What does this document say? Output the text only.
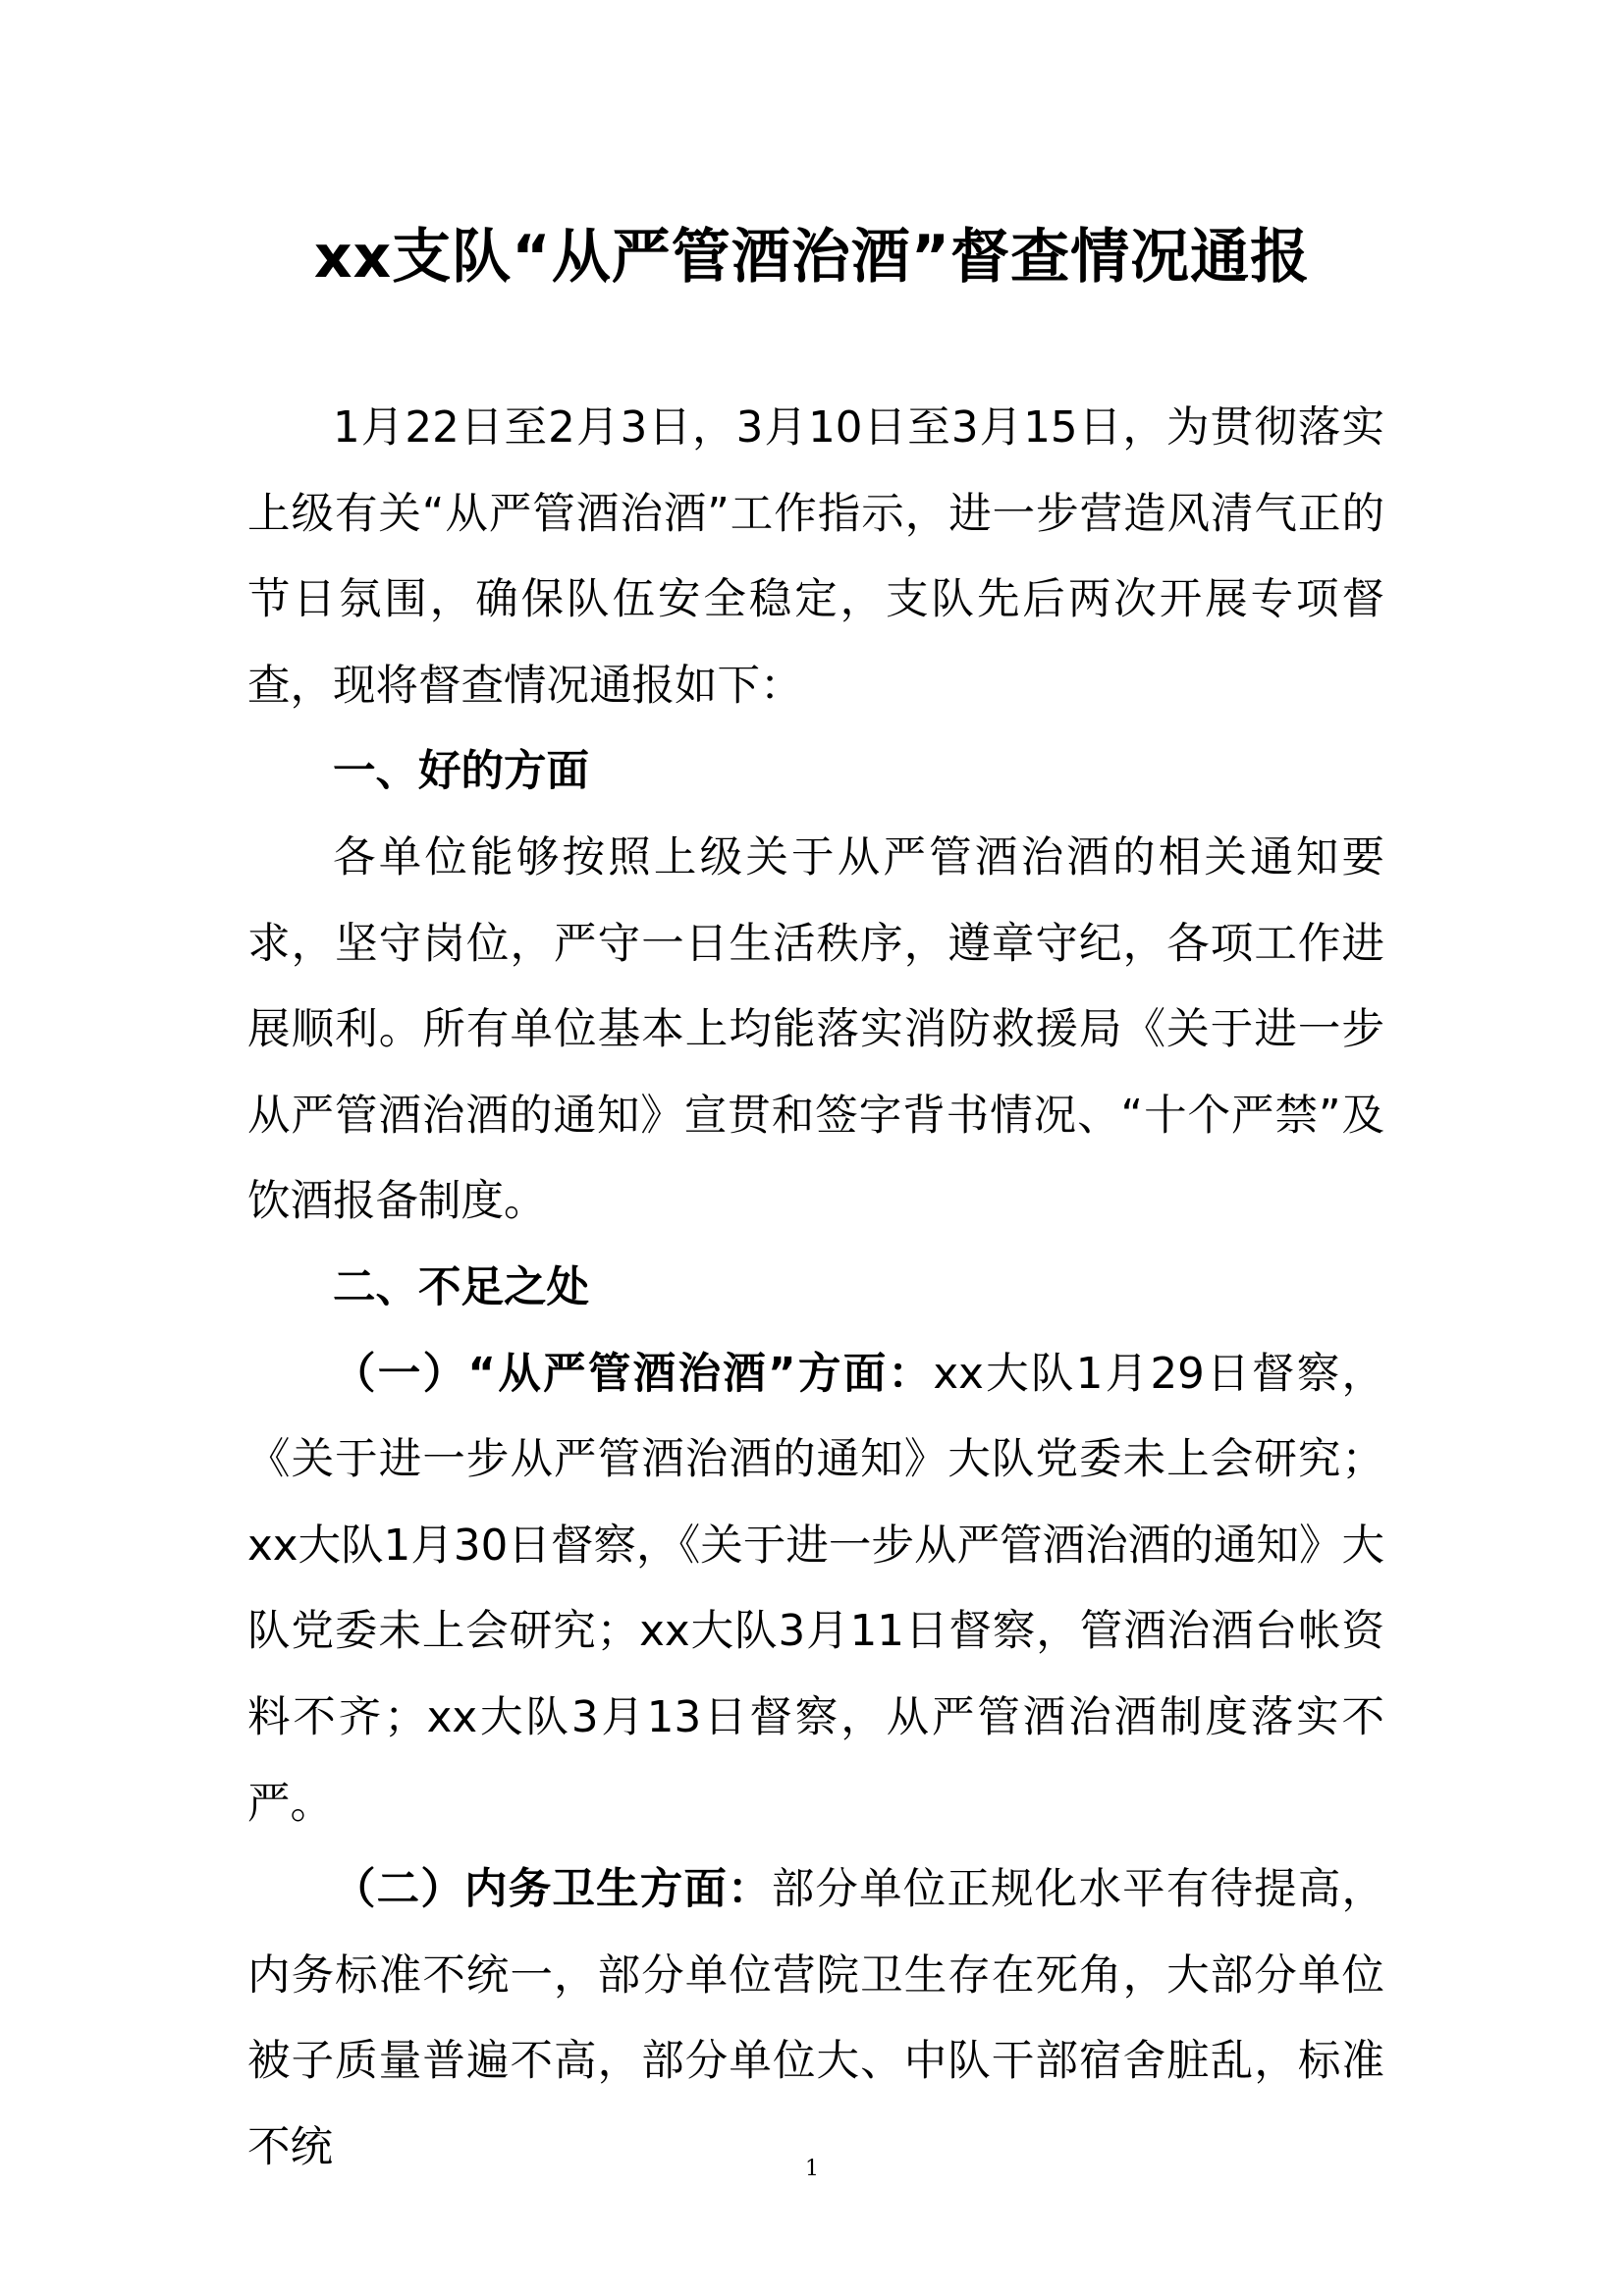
xx支队“从严管酒治酒”督查情况通报

1月22日至2月3日，3月10日至3月15日，为贯彻落实上级有关“从严管酒治酒”工作指示，进一步营造风清气正的节日氛围，确保队伍安全稳定，支队先后两次开展专项督查，现将督查情况通报如下：

一、好的方面

各单位能够按照上级关于从严管酒治酒的相关通知要求，坚守岗位，严守一日生活秩序，遵章守纪，各项工作进展顺利。所有单位基本上均能落实消防救援局《关于进一步从严管酒治酒的通知》宣贯和签字背书情况、“十个严禁”及饮酒报备制度。

二、不足之处

（一）“从严管酒治酒”方面：xx大队1月29日督察，《关于进一步从严管酒治酒的通知》大队党委未上会研究；xx大队1月30日督察，《关于进一步从严管酒治酒的通知》大队党委未上会研究；xx大队3月11日督察，管酒治酒台帐资料不齐；xx大队3月13日督察，从严管酒治酒制度落实不严。

（二）内务卫生方面：部分单位正规化水平有待提高，内务标准不统一，部分单位营院卫生存在死角，大部分单位被子质量普遍不高，部分单位大、中队干部宿舍脏乱，标准不统	1
